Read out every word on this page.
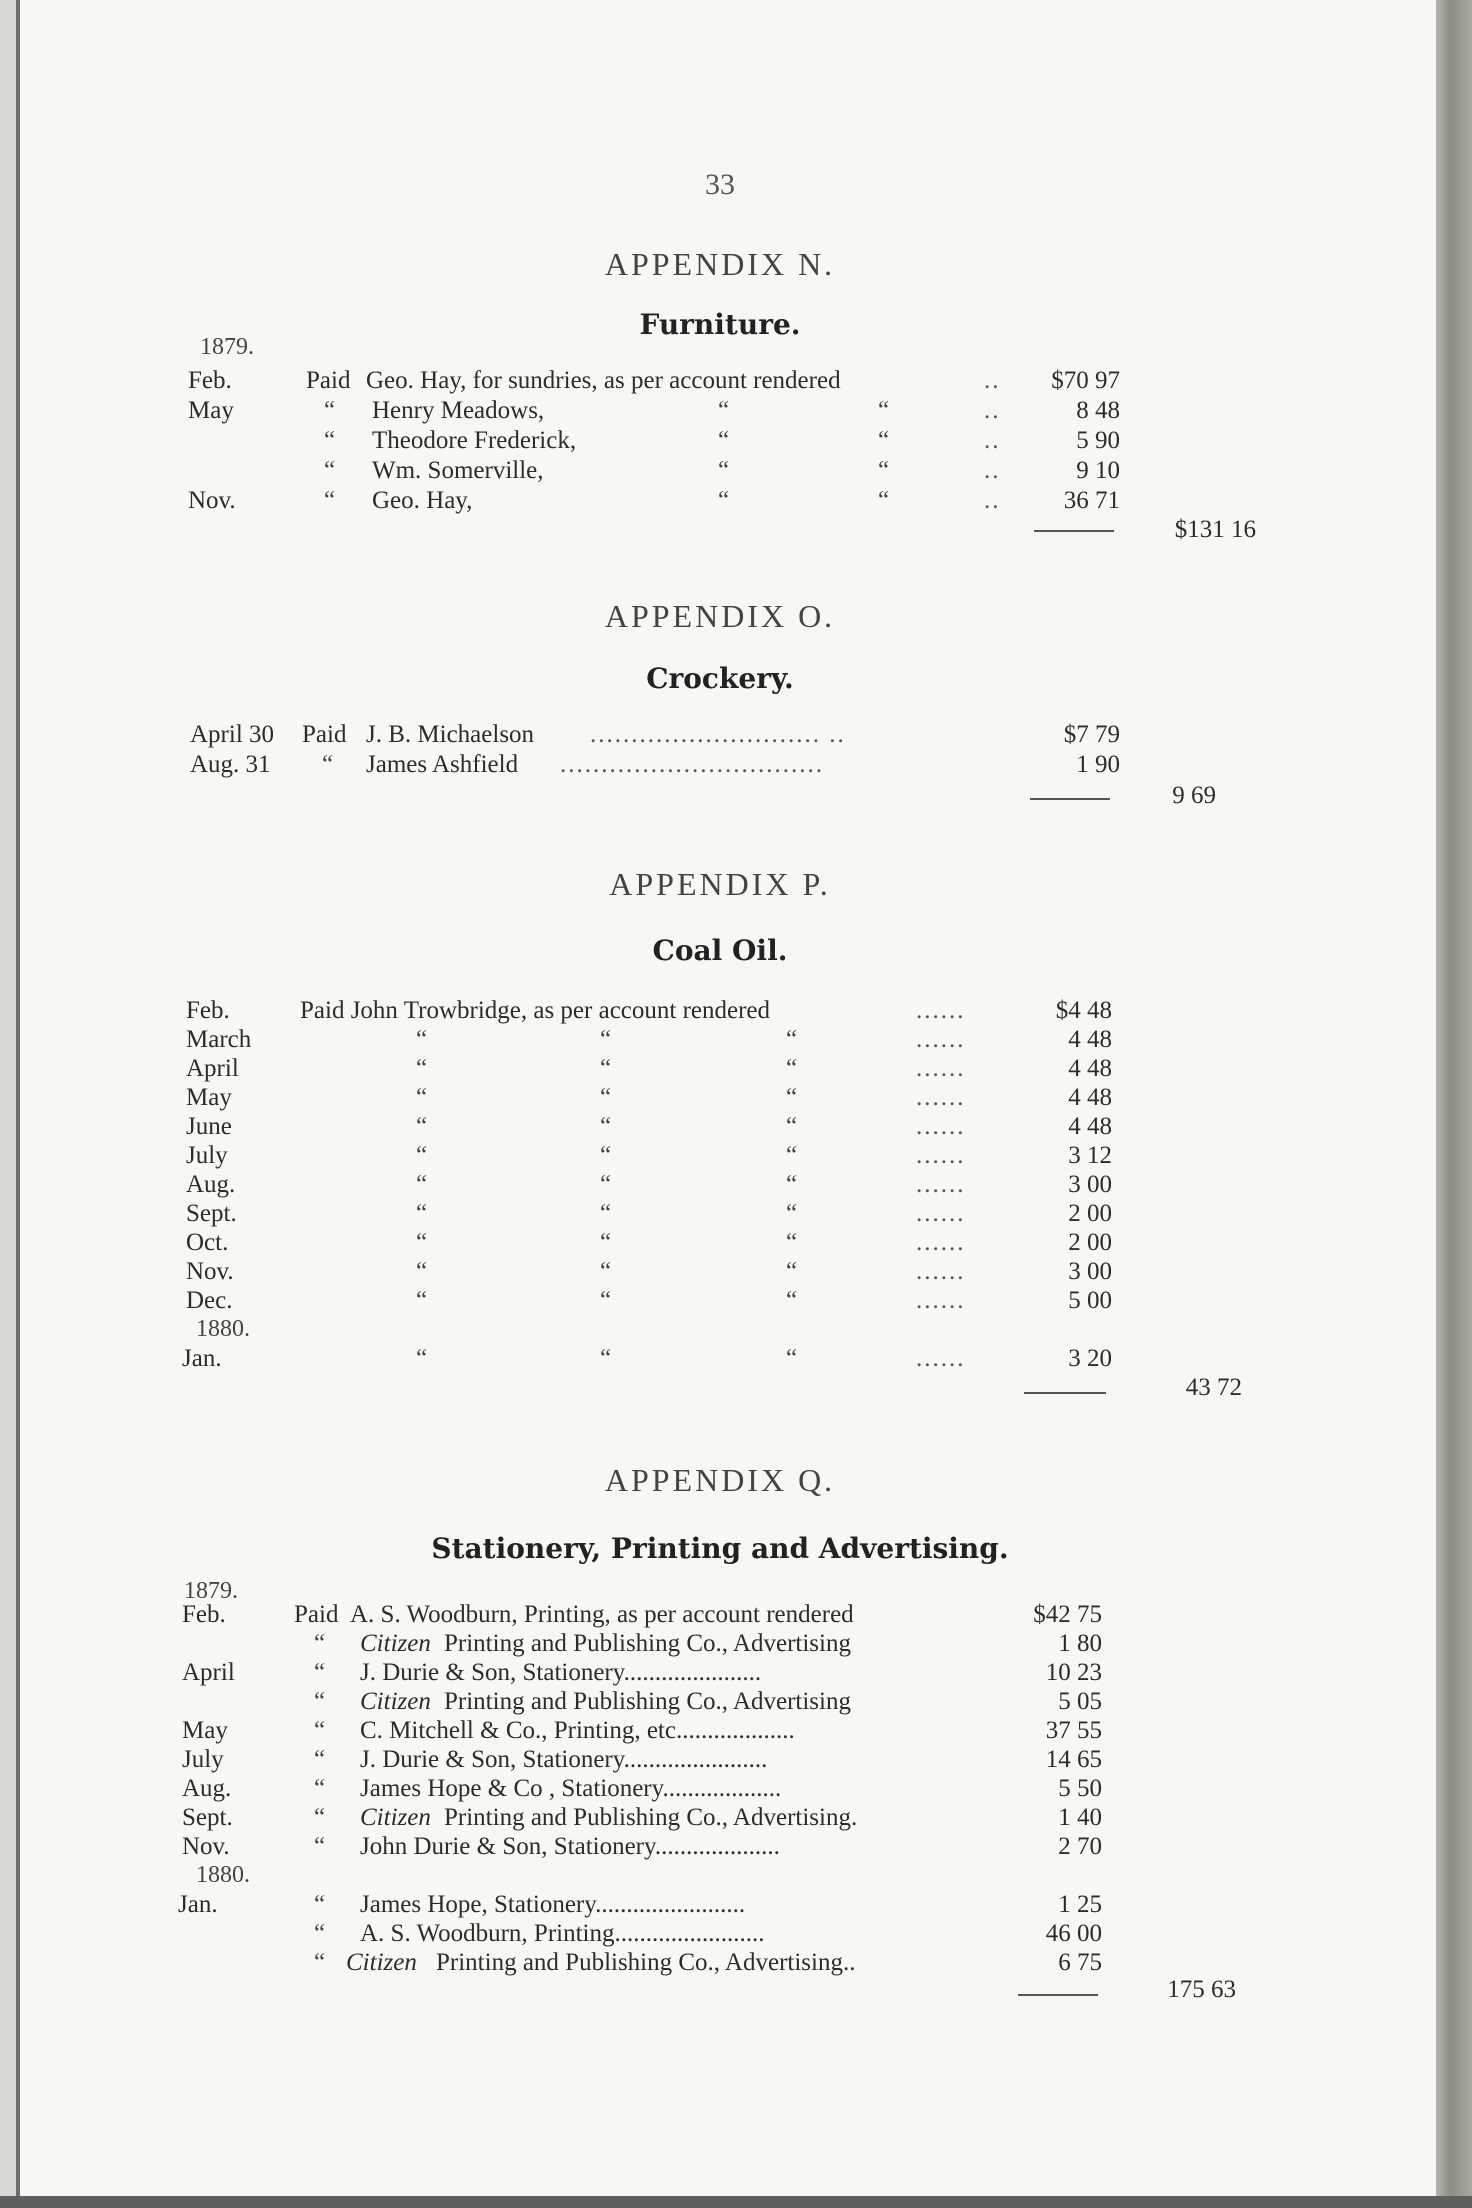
33
APPENDIX N.
Furniture.
1879.
Feb.	Paid Geo. Hay, for sundries, as per account rendered	..	$70 97
May	“ Henry Meadows,	“	“	..	8 48
“ Theodore Frederick,	“	“	..	5 90
“ Wm. Somerville,	“	“	..	9 10
Nov.	“ Geo. Hay,	“	“	..	36 71
$131 16
APPENDIX O.
Crockery.
April 30 Paid J. B. Michaelson ............................ ..	$7 79
Aug. 31 “ James Ashfield ................................	1 90
9 69
APPENDIX P.
Coal Oil.
Feb.	Paid John Trowbridge, as per account rendered	......	$4 48
March	“	“	“	......	4 48
April	“	“	“	......	4 48
May	“	“	“	......	4 48
June	“	“	“	......	4 48
July	“	“	“	......	3 12
Aug.	“	“	“	......	3 00
Sept.	“	“	“	......	2 00
Oct.	“	“	“	......	2 00
Nov.	“	“	“	......	3 00
Dec.	“	“	“	......	5 00
1880.
Jan.	“	“	“	......	3 20
43 72
APPENDIX Q.
Stationery, Printing and Advertising.
1879.
Feb.	Paid A. S. Woodburn, Printing, as per account rendered	$42 75
“ Citizen Printing and Publishing Co., Advertising	1 80
April	“ J. Durie & Son, Stationery......................	10 23
“ Citizen Printing and Publishing Co., Advertising	5 05
May	“ C. Mitchell & Co., Printing, etc...................	37 55
July	“ J. Durie & Son, Stationery.......................	14 65
Aug.	“ James Hope & Co , Stationery...................	5 50
Sept.	“ Citizen Printing and Publishing Co., Advertising.	1 40
Nov.	“ John Durie & Son, Stationery....................	2 70
1880.
Jan.	“ James Hope, Stationery........................	1 25
“ A. S. Woodburn, Printing........................	46 00
“ Citizen Printing and Publishing Co., Advertising..	6 75
175 63
